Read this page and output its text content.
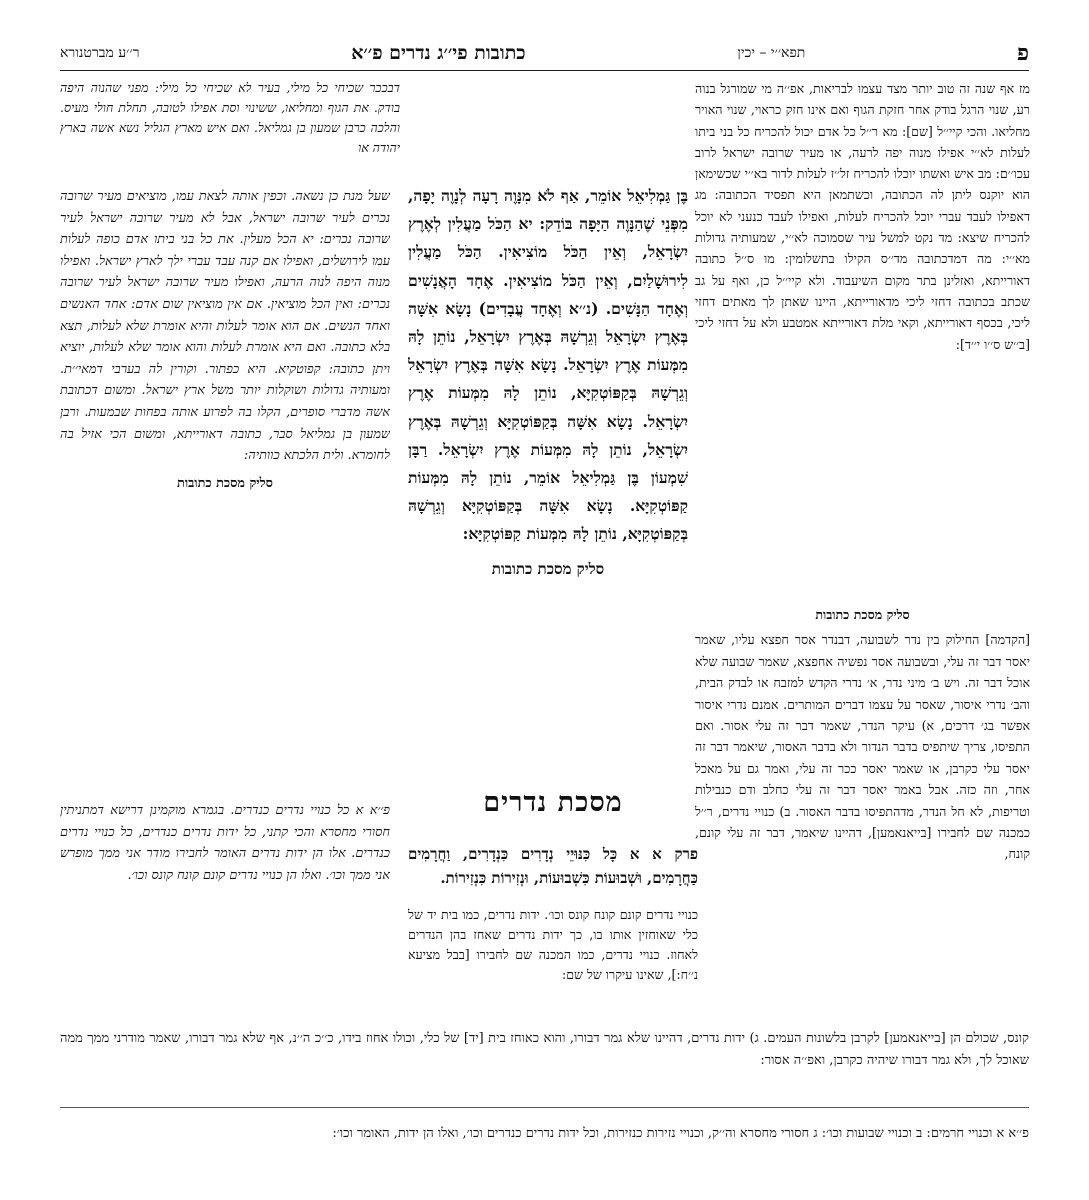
פ
תפא׳׳י – יכין
כתובות פי׳׳ג נדרים פ׳׳א
ר׳׳ע מברטנורא

מז אף שנה זה טוב יותר מצד עצמו לבריאות, אפ׳׳ה מי שמורגל בנוה רע, שנוי הרגל בודק אחר חזקת הגוף ואם אינו חזק כראוי, שנוי האויר מחליאו. והכי קיי׳׳ל [שם]: מא ר׳׳ל כל אדם יכול להכריח כל בני ביתו לעלות לא׳׳י אפילו מנוה יפה לרעה, או מעיר שרובה ישראל לרוב עכו׳׳ם: מב איש ואשתו יוכלו להכריח זל׳׳ז לעלות לדור בא׳׳י שכשימאן הוא יוקנס ליתן לה הכתובה, וכשתמאן היא תפסיד הכתובה: מג דאפילו לעבד עברי יוכל להכריח לעלות, ואפילו לעבד כנעני לא יוכל להכריח שיצא: מד נקט למשל עיר שסמוכה לא׳׳י, שמעותיה גדולות מא׳׳י: מה דמדכתובה מד׳׳ס הקילו בתשלומין: מו ס׳׳ל כתובה דאורייתא, ואזלינן בתר מקום השיעבוד. ולא קיי׳׳ל כן, ואף על גב שכתב בכתובה דחזי ליכי מדאורייתא, היינו שאתן לך מאתים דחזי ליכי, בכסף דאורייתא, וקאי מלת דאורייתא אמטבע ולא על דחזי ליכי [ב׳׳ש ס׳׳ו י׳׳ד]:

סליק מסכת כתובות

[הקדמה] החילוק בין נדר לשבועה, דבנדר אסר חפצא עליו, שאמר יאסר דבר זה עלי, ובשבועה אסר נפשיה אחפצא, שאמר שבועה שלא אוכל דבר זה. ויש ב׳ מיני נדר, א׳ נדרי הקדש למזבח או לבדק הבית, והב׳ נדרי איסור, שאסר על עצמו דברים המותרים. אמנם נדרי איסור אפשר בג׳ דרכים, א) עיקר הנדר, שאמר דבר זה עלי אסור. ואם התפיסו, צריך שיתפיס בדבר הנדור ולא בדבר האסור, שיאמר דבר זה יאסר עלי כקרבן, או שאמר יאסר ככר זה עלי, ואמר גם על מאכל אחר, וזה כזה. אבל באמר יאסר דבר זה עלי כחלב ודם כנבילות וטריפות, לא חל הנדר, מדהתפיסו בדבר האסור. ב) כנויי נדרים, ר׳׳ל כמכנה שם לחבירו [בייאנאמען], דהיינו שיאמר, דבר זה עלי קונם, קונח,

בֶּן גַּמְלִיאֵל אוֹמֵר, אַף לֹא מִנָּוֶה רָעָה לְנָוֶה יָפָה, מִפְּנֵי שֶׁהַנָּוֶה הַיָּפָה בּוֹדֵק: יא הַכֹּל מַעֲלִין לְאֶרֶץ יִשְׂרָאֵל, וְאֵין הַכֹּל מוֹצִיאִין. הַכֹּל מַעֲלִין לִירוּשָׁלַיִם, וְאֵין הַכֹּל מוֹצִיאִין. אֶחָד הָאֲנָשִׁים וְאֶחָד הַנָּשִׁים. (נ׳׳א וְאֶחָד עֲבָדִים) נָשָׂא אִשָּׁה בְּאֶרֶץ יִשְׂרָאֵל וְגֵרְשָׁהּ בְּאֶרֶץ יִשְׂרָאֵל, נוֹתֵן לָהּ מִמְּעוֹת אֶרֶץ יִשְׂרָאֵל. נָשָׂא אִשָּׁה בְּאֶרֶץ יִשְׂרָאֵל וְגֵרְשָׁהּ בְּקַפּוֹטְקִיָּא, נוֹתֵן לָהּ מִמְּעוֹת אֶרֶץ יִשְׂרָאֵל. נָשָׂא אִשָּׁה בְּקַפּוֹטְקִיָּא וְגֵרְשָׁהּ בְּאֶרֶץ יִשְׂרָאֵל, נוֹתֵן לָהּ מִמְּעוֹת אֶרֶץ יִשְׂרָאֵל. רַבָּן שִׁמְעוֹן בֶּן גַּמְלִיאֵל אוֹמֵר, נוֹתֵן לָהּ מִמְּעוֹת קַפּוֹטְקִיָּא. נָשָׂא אִשָּׁה בְּקַפּוֹטְקִיָּא וְגֵרְשָׁהּ בְּקַפּוֹטְקִיָּא, נוֹתֵן לָהּ מִמְּעוֹת קַפּוֹטְקִיָּא:

סליק מסכת כתובות
מסכת נדרים

פרק א א כָּל כִּנּוּיֵי נְדָרִים כִּנְדָרִים, וַחֲרָמִים כַּחֲרָמִים, וּשְׁבוּעוֹת כִּשְׁבוּעוֹת, וּנְזִירוֹת כִּנְזִירוֹת.

כנויי נדרים קונם קונח קונס וכו׳. ידות נדרים, כמו בית יד של כלי שאוחזין אותו בו, כך ידות נדרים שאחז בהן הנדרים לאחוז. כנויי נדרים, כמו המכנה שם לחבירו [בבל מציעא נ׳׳ח:], שאינו עיקרו של שם:

דבככר שכיחי כל מילי, בעיר לא שכיחי כל מילי: מפני שהנוה היפה בודק. את הגוף ומחליאו, ששינוי וסת אפילו לטובה, תחלת חולי מעיס. והלכה כרבן שמעון בן גמליאל. ואם איש מארץ הגליל נשא אשה בארץ יהודה או

שעל מנת כן נשאה. וכפין אותה לצאת עמו, מוציאים מעיר שרובה נכרים לעיר שרובה ישראל, אבל לא מעיר שרובה ישראל לעיר שרובה נכרים: יא הכל מעלין. את כל בני ביתו אדם כופה לעלות עמו לירושלים, ואפילו אם קנה עבד עברי ילך לארץ ישראל. ואפילו מנוה היפה לנוה הרעה, ואפילו מעיר שרובה ישראל לעיר שרובה נכרים: ואין הכל מוציאין. אם אין מוציאין שום אדם: אחד האנשים ואחד הנשים. אם הוא אומר לעלות והיא אומרת שלא לעלות, תצא בלא כתובה. ואם היא אומרת לעלות והוא אומר שלא לעלות, יוציא ויתן כתובה: קפוטקיא. היא כפתור. וקורין לה בערבי דמאי׳׳ת. ומעותיה גדולות ושוקלות יותר משל ארץ ישראל. ומשום דכתובת אשה מדברי סופרים, הקלו בה לפרוע אותה בפחות שבמעות. ורבן שמעון בן גמליאל סבר, כתובה דאורייתא, ומשום הכי אזיל בה לחומרא. ולית הלכתא כוותיה:

סליק מסכת כתובות

פ׳׳א א כל כנויי נדרים כנדרים. בגמרא מוקמינן דרישא דמתניתין חסורי מחסרא והכי קתני, כל ידות נדרים כנדרים, כל כנויי נדרים כנדרים. אלו הן ידות נדרים האומר לחבירו מודר אני ממך מופרש אני ממך וכו׳. ואלו הן כנויי נדרים קונם קונח קונס וכו׳.

קונס, שכולם הן [בייאנאמען] לקרבן בלשונות העמים. ג) ידות נדרים, דהיינו שלא גמר דבורו, והוא כאוחז בית [יד] של כלי, וכולו אחוז בידו, כ׳׳כ ה׳׳נ, אף שלא גמר דבורו, שאמר מודרני ממך ממה שאוכל לך, ולא גמר דבורו שיהיה כקרבן, ואפ׳׳ה אסור:

פ׳׳א א וכנויי חרמים: ב וכנויי שבועות וכו׳: ג חסורי מחסרא וה׳׳ק, וכנויי נזירות כנזירות, וכל ידות נדרים כנדרים וכו׳, ואלו הן ידות, האומר וכו׳:
